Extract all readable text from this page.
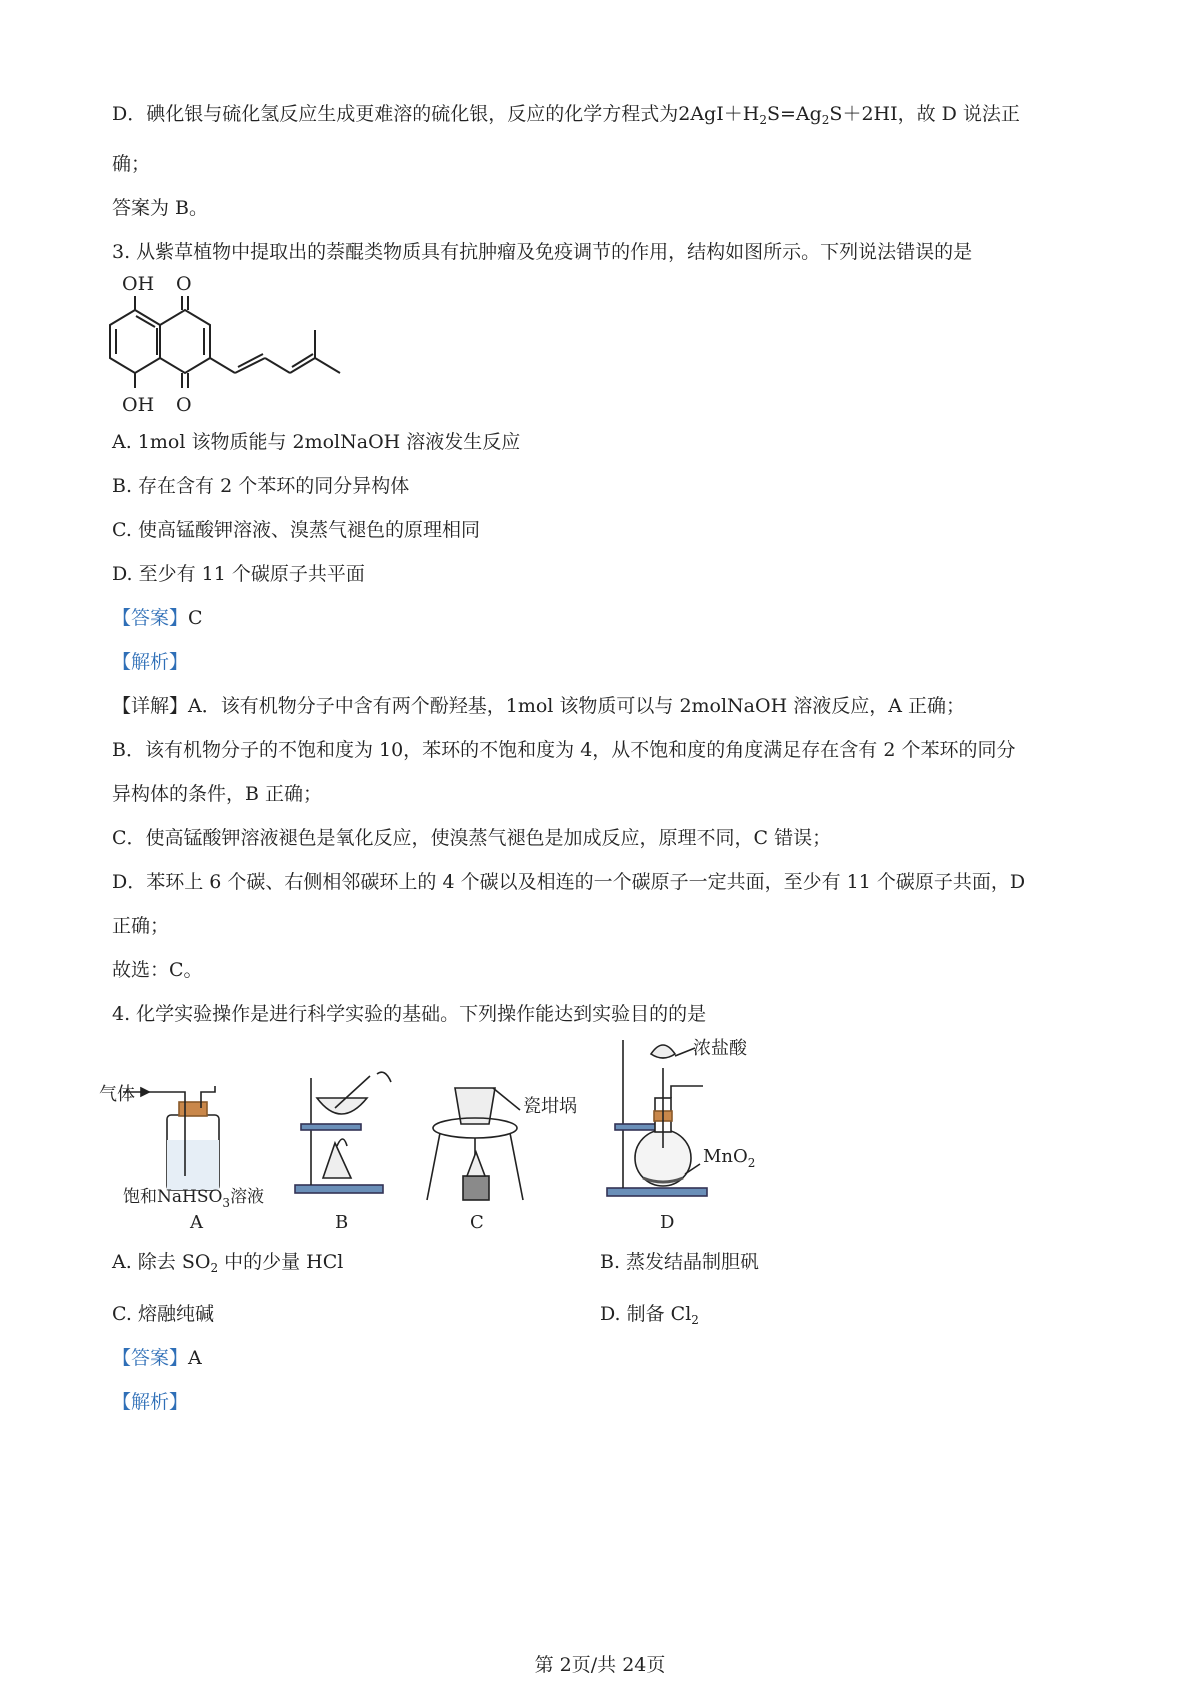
D．碘化银与硫化氢反应生成更难溶的硫化银，反应的化学方程式为$2AgI+H_2S=Ag_2S+2HI$，故 D 说法正
确；
答案为 B。
3. 从紫草植物中提取出的萘醌类物质具有抗肿瘤及免疫调节的作用，结构如图所示。下列说法错误的是
OH O
OH O
A. 1mol 该物质能与 2molNaOH 溶液发生反应
B. 存在含有 2 个苯环的同分异构体
C. 使高锰酸钾溶液、溴蒸气褪色的原理相同
D. 至少有 11 个碳原子共平面
【答案】C
【解析】
【详解】A．该有机物分子中含有两个酚羟基，1mol 该物质可以与 2molNaOH 溶液反应，A 正确；
B．该有机物分子的不饱和度为 10，苯环的不饱和度为 4，从不饱和度的角度满足存在含有 2 个苯环的同分
异构体的条件，B 正确；
C．使高锰酸钾溶液褪色是氧化反应，使溴蒸气褪色是加成反应，原理不同，C 错误；
D．苯环上 6 个碳、右侧相邻碳环上的 4 个碳以及相连的一个碳原子一定共面，至少有 11 个碳原子共面，D
正确；
故选：C。
4. 化学实验操作是进行科学实验的基础。下列操作能达到实验目的的是
气体
饱和NaHSO$_3$溶液
瓷坩埚
浓盐酸
MnO$_2$
A	B	C	D
A. 除去 $SO_2$ 中的少量 HCl	B. 蒸发结晶制胆矾
C. 熔融纯碱	D. 制备 $Cl_2$
【答案】A
【解析】
第 2页/共 24页
